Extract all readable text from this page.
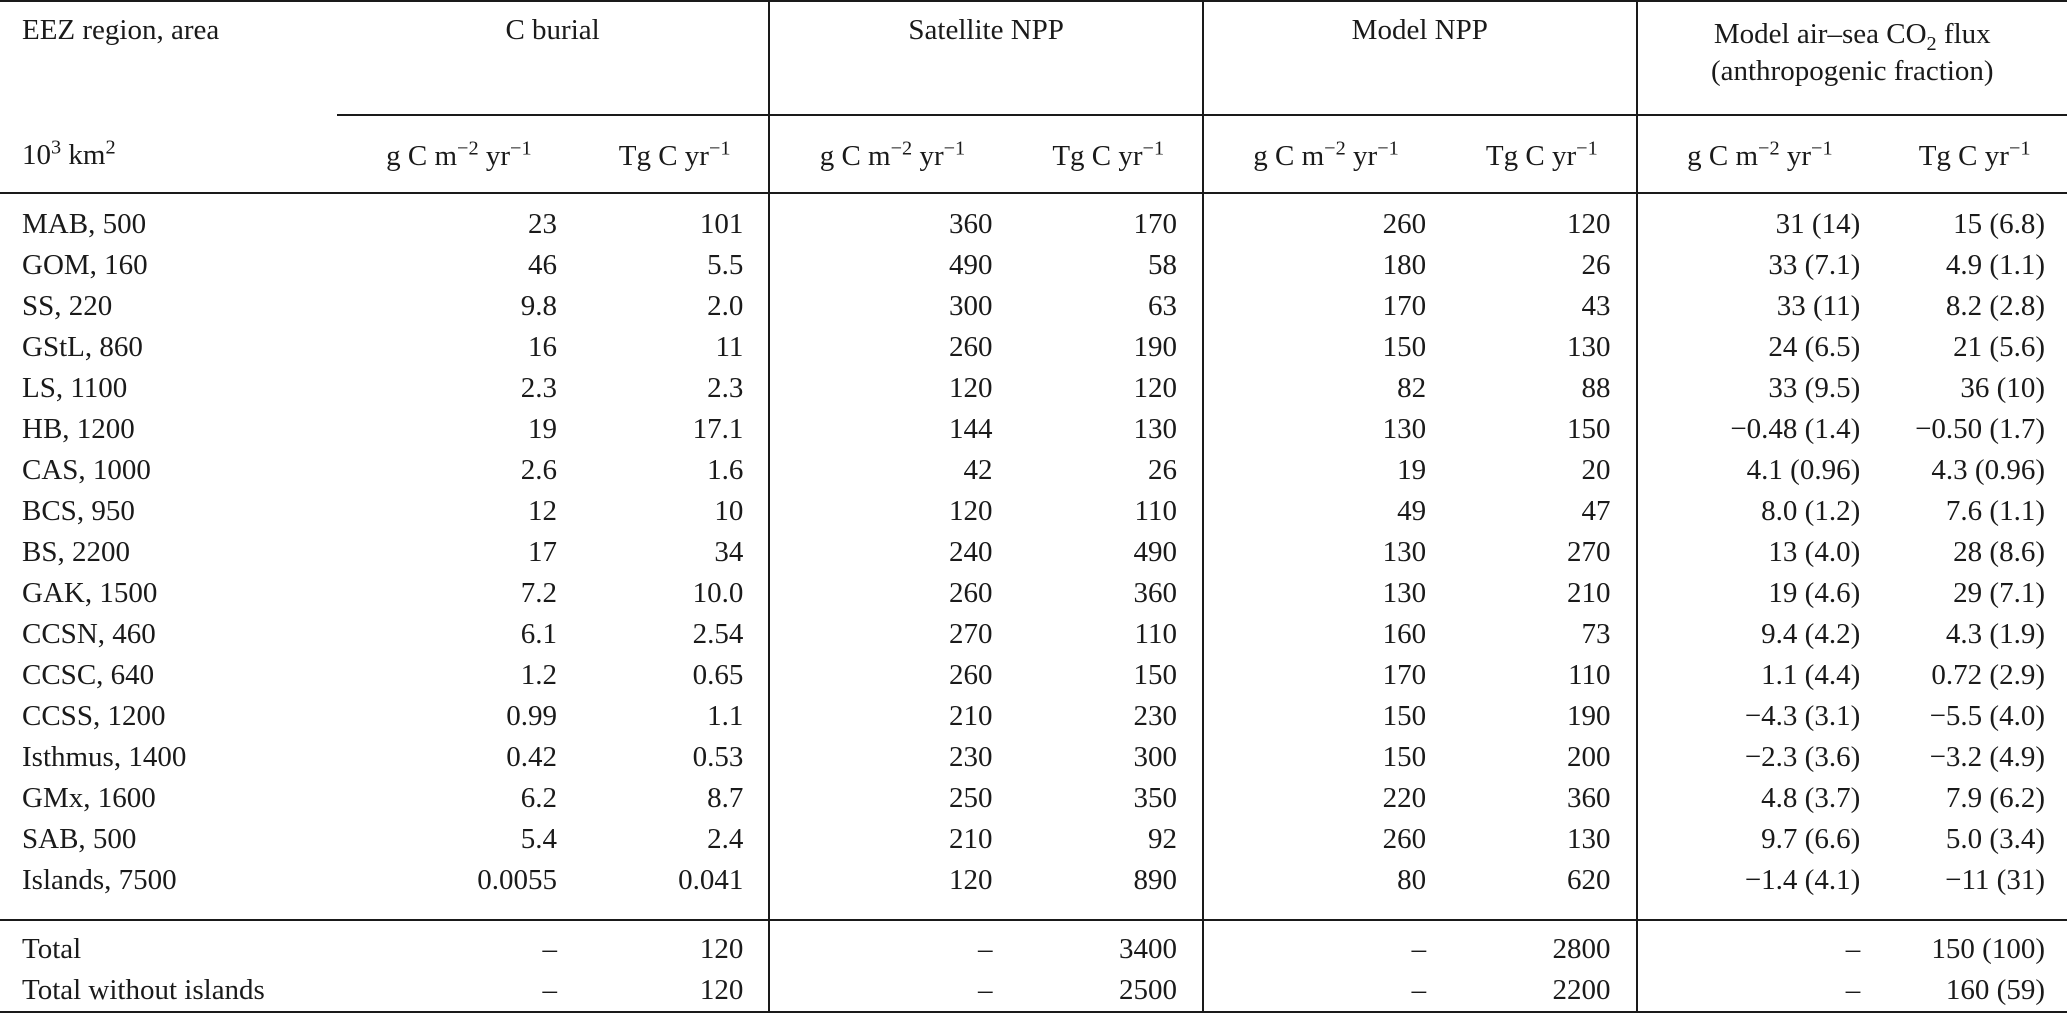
EEZ region, area	C burial		Satellite NPP		Model NPP		Model air–sea $CO_2$ flux
(anthropogenic fraction)	
$10^3$ $km^2$	g C $m^{-2}$ $yr^{-1}$	Tg C $yr^{-1}$	g C $m^{-2}$ $yr^{-1}$	Tg C $yr^{-1}$	g C $m^{-2}$ $yr^{-1}$	Tg C $yr^{-1}$	g C $m^{-2}$ $yr^{-1}$	Tg C $yr^{-1}$
MAB, 500	23	101	360	170	260	120	31 (14)	15 (6.8)
GOM, 160	46	5.5	490	58	180	26	33 (7.1)	4.9 (1.1)
SS, 220	9.8	2.0	300	63	170	43	33 (11)	8.2 (2.8)
GStL, 860	16	11	260	190	150	130	24 (6.5)	21 (5.6)
LS, 1100	2.3	2.3	120	120	82	88	33 (9.5)	36 (10)
HB, 1200	19	17.1	144	130	130	150	−0.48 (1.4)	−0.50 (1.7)
CAS, 1000	2.6	1.6	42	26	19	20	4.1 (0.96)	4.3 (0.96)
BCS, 950	12	10	120	110	49	47	8.0 (1.2)	7.6 (1.1)
BS, 2200	17	34	240	490	130	270	13 (4.0)	28 (8.6)
GAK, 1500	7.2	10.0	260	360	130	210	19 (4.6)	29 (7.1)
CCSN, 460	6.1	2.54	270	110	160	73	9.4 (4.2)	4.3 (1.9)
CCSC, 640	1.2	0.65	260	150	170	110	1.1 (4.4)	0.72 (2.9)
CCSS, 1200	0.99	1.1	210	230	150	190	−4.3 (3.1)	−5.5 (4.0)
Isthmus, 1400	0.42	0.53	230	300	150	200	−2.3 (3.6)	−3.2 (4.9)
GMx, 1600	6.2	8.7	250	350	220	360	4.8 (3.7)	7.9 (6.2)
SAB, 500	5.4	2.4	210	92	260	130	9.7 (6.6)	5.0 (3.4)
Islands, 7500	0.0055	0.041	120	890	80	620	−1.4 (4.1)	−11 (31)

Total	–	120	–	3400	–	2800	–	150 (100)
Total without islands	–	120	–	2500	–	2200	–	160 (59)
